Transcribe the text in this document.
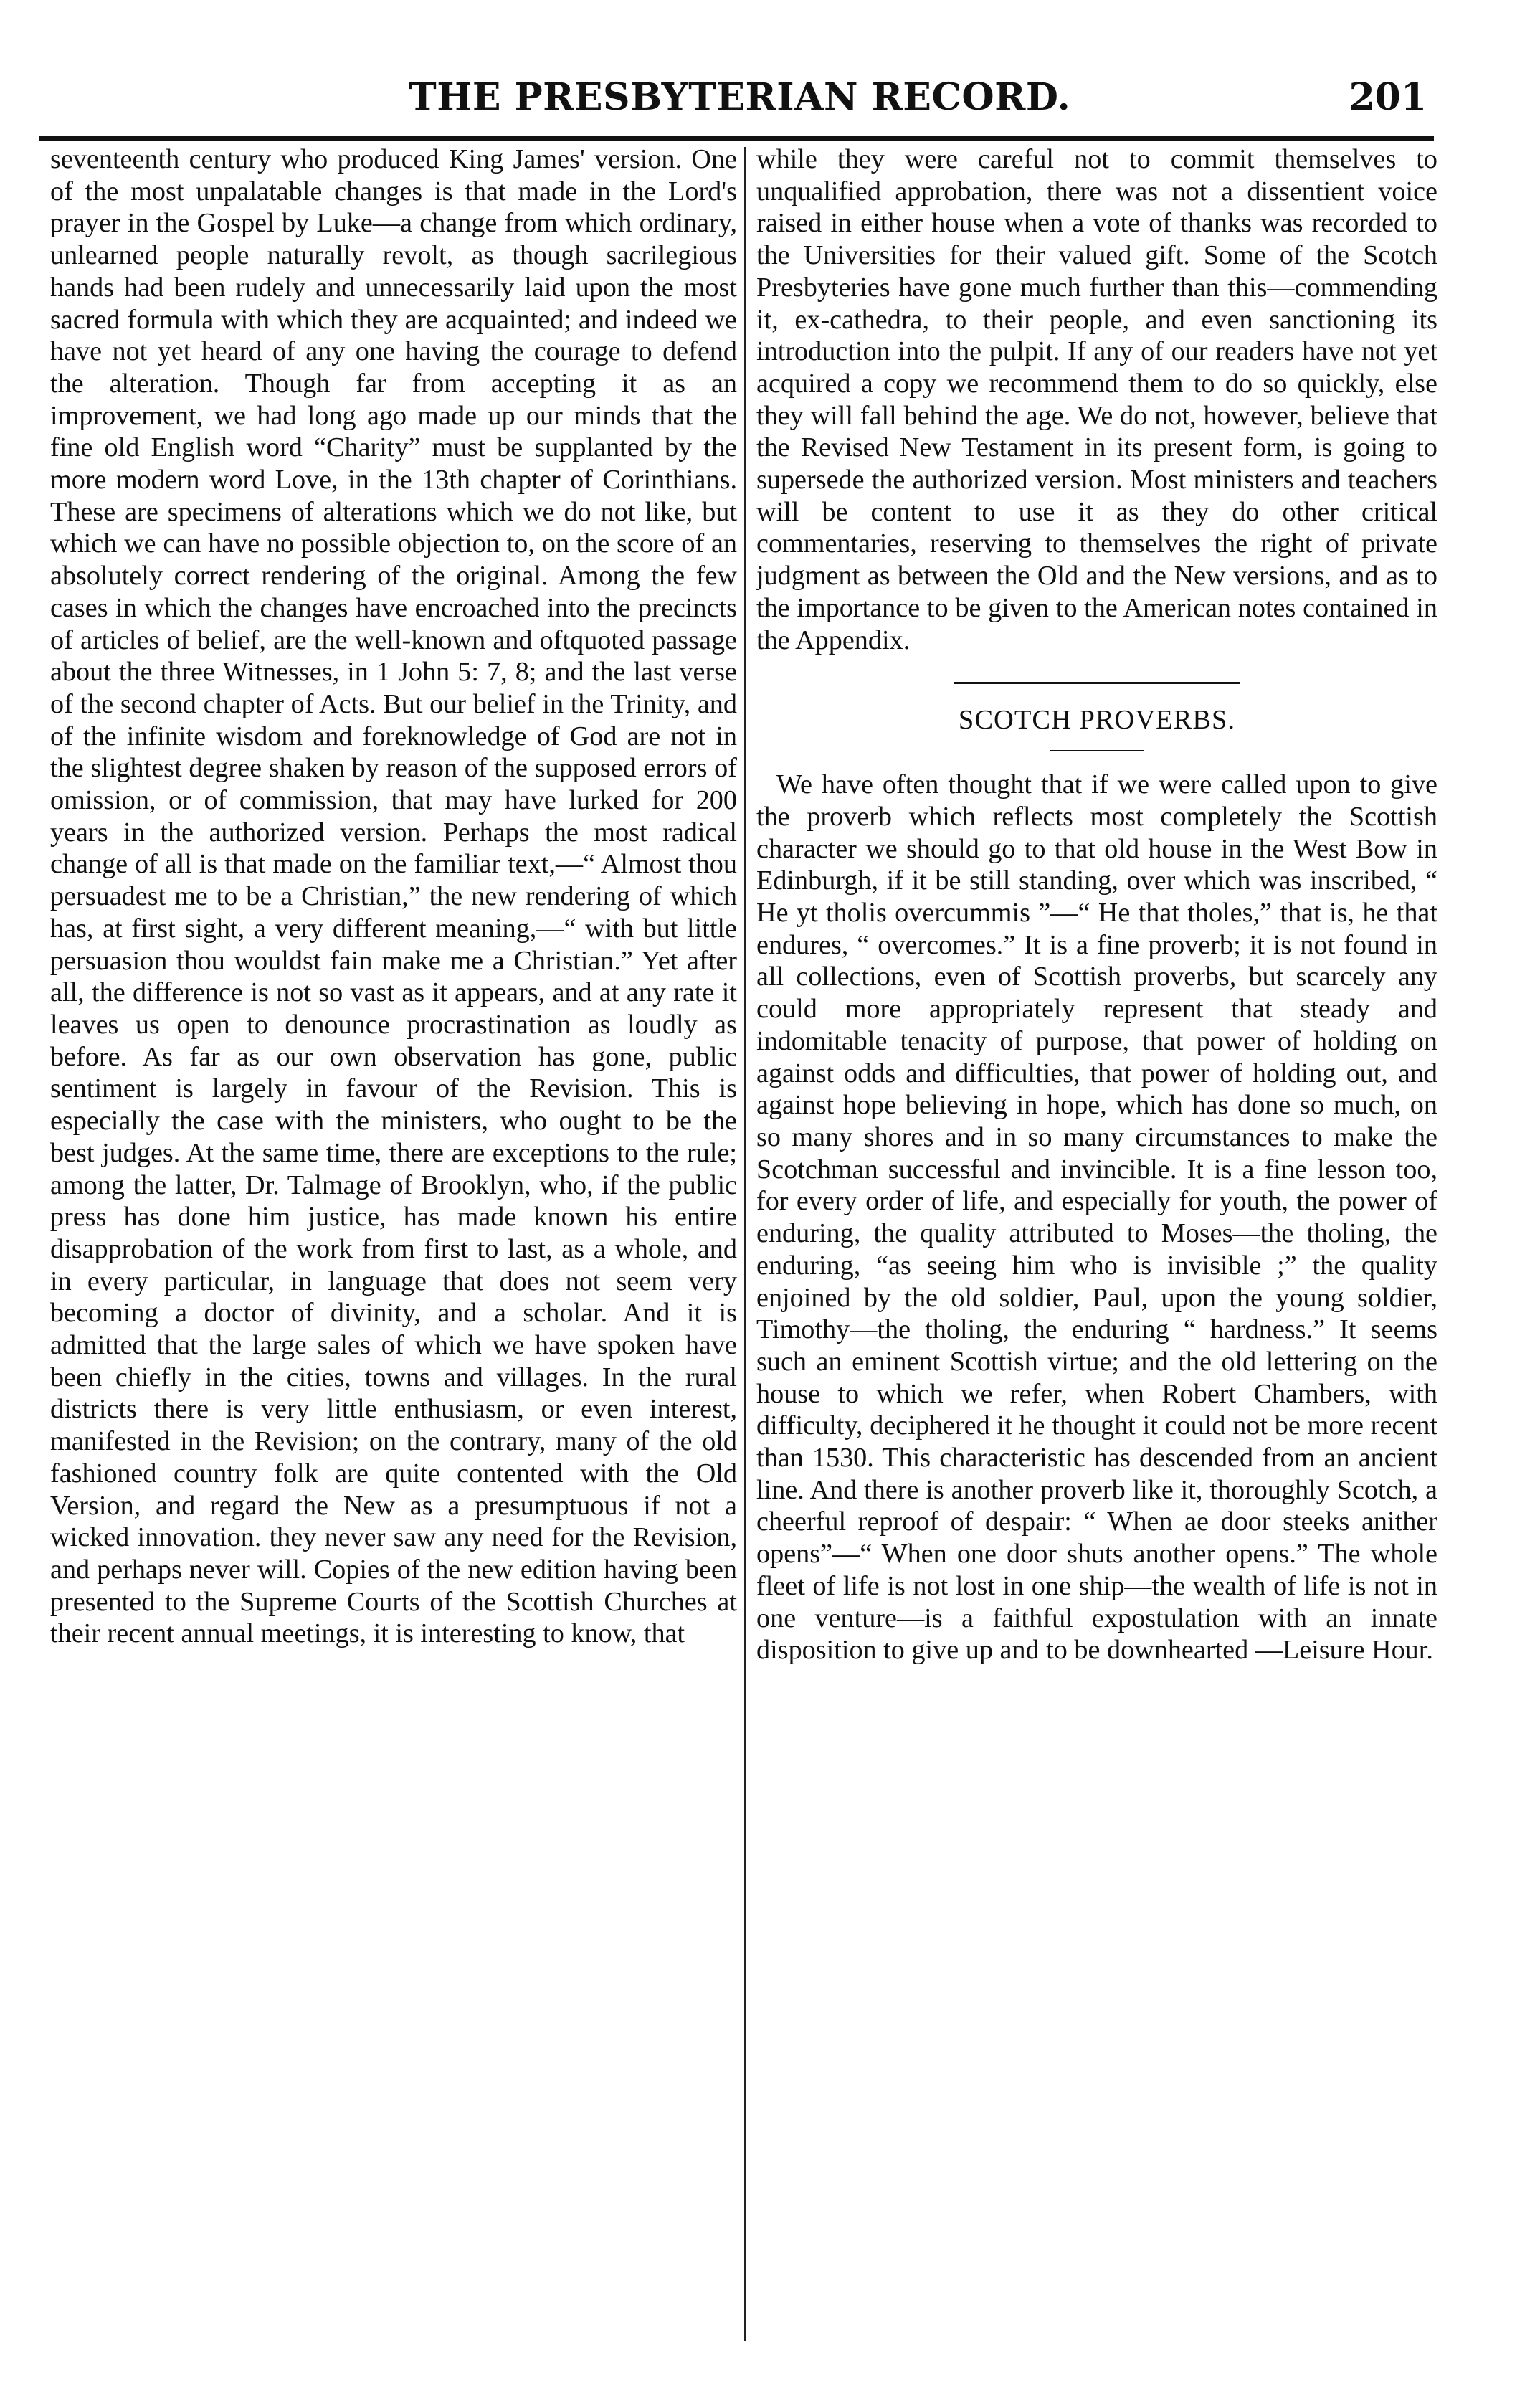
THE PRESBYTERIAN RECORD.	201

seventeenth century who produced King James' version. One of the most unpalatable changes is that made in the Lord's prayer in the Gospel by Luke—a change from which ordinary, unlearned people naturally revolt, as though sacrilegious hands had been rudely and unnecessarily laid upon the most sacred formula with which they are acquainted; and indeed we have not yet heard of any one having the courage to defend the alteration. Though far from accepting it as an improvement, we had long ago made up our minds that the fine old English word “Charity” must be supplanted by the more modern word Love, in the 13th chapter of Corinthians. These are specimens of alterations which we do not like, but which we can have no possible objection to, on the score of an absolutely correct rendering of the original. Among the few cases in which the changes have encroached into the precincts of articles of belief, are the well-known and oftquoted passage about the three Witnesses, in 1 John 5: 7, 8; and the last verse of the second chapter of Acts. But our belief in the Trinity, and of the infinite wisdom and foreknowledge of God are not in the slightest degree shaken by reason of the supposed errors of omission, or of commission, that may have lurked for 200 years in the authorized version. Perhaps the most radical change of all is that made on the familiar text,—“ Almost thou persuadest me to be a Christian,” the new rendering of which has, at first sight, a very different meaning,—“ with but little persuasion thou wouldst fain make me a Christian.” Yet after all, the difference is not so vast as it appears, and at any rate it leaves us open to denounce procrastination as loudly as before. As far as our own observation has gone, public sentiment is largely in favour of the Revision. This is especially the case with the ministers, who ought to be the best judges. At the same time, there are exceptions to the rule; among the latter, Dr. Talmage of Brooklyn, who, if the public press has done him justice, has made known his entire disapprobation of the work from first to last, as a whole, and in every particular, in language that does not seem very becoming a doctor of divinity, and a scholar. And it is admitted that the large sales of which we have spoken have been chiefly in the cities, towns and villages. In the rural districts there is very little enthusiasm, or even interest, manifested in the Revision; on the contrary, many of the old fashioned country folk are quite contented with the Old Version, and regard the New as a presumptuous if not a wicked innovation. they never saw any need for the Revision, and perhaps never will. Copies of the new edition having been presented to the Supreme Courts of the Scottish Churches at their recent annual meetings, it is interesting to know, that

while they were careful not to commit themselves to unqualified approbation, there was not a dissentient voice raised in either house when a vote of thanks was recorded to the Universities for their valued gift. Some of the Scotch Presbyteries have gone much further than this—commending it, ex-cathedra, to their people, and even sanctioning its introduction into the pulpit. If any of our readers have not yet acquired a copy we recommend them to do so quickly, else they will fall behind the age. We do not, however, believe that the Revised New Testament in its present form, is going to supersede the authorized version. Most ministers and teachers will be content to use it as they do other critical commentaries, reserving to themselves the right of private judgment as between the Old and the New versions, and as to the importance to be given to the American notes contained in the Appendix.

SCOTCH PROVERBS.

We have often thought that if we were called upon to give the proverb which reflects most completely the Scottish character we should go to that old house in the West Bow in Edinburgh, if it be still standing, over which was inscribed, “ He yt tholis overcummis ”—“ He that tholes,” that is, he that endures, “ overcomes.” It is a fine proverb; it is not found in all collections, even of Scottish proverbs, but scarcely any could more appropriately represent that steady and indomitable tenacity of purpose, that power of holding on against odds and difficulties, that power of holding out, and against hope believing in hope, which has done so much, on so many shores and in so many circumstances to make the Scotchman successful and invincible. It is a fine lesson too, for every order of life, and especially for youth, the power of enduring, the quality attributed to Moses—the tholing, the enduring, “as seeing him who is invisible ;” the quality enjoined by the old soldier, Paul, upon the young soldier, Timothy—the tholing, the enduring “ hardness.” It seems such an eminent Scottish virtue; and the old lettering on the house to which we refer, when Robert Chambers, with difficulty, deciphered it he thought it could not be more recent than 1530. This characteristic has descended from an ancient line. And there is another proverb like it, thoroughly Scotch, a cheerful reproof of despair: “ When ae door steeks anither opens”—“ When one door shuts another opens.” The whole fleet of life is not lost in one ship—the wealth of life is not in one venture—is a faithful expostulation with an innate disposition to give up and to be downhearted —Leisure Hour.
